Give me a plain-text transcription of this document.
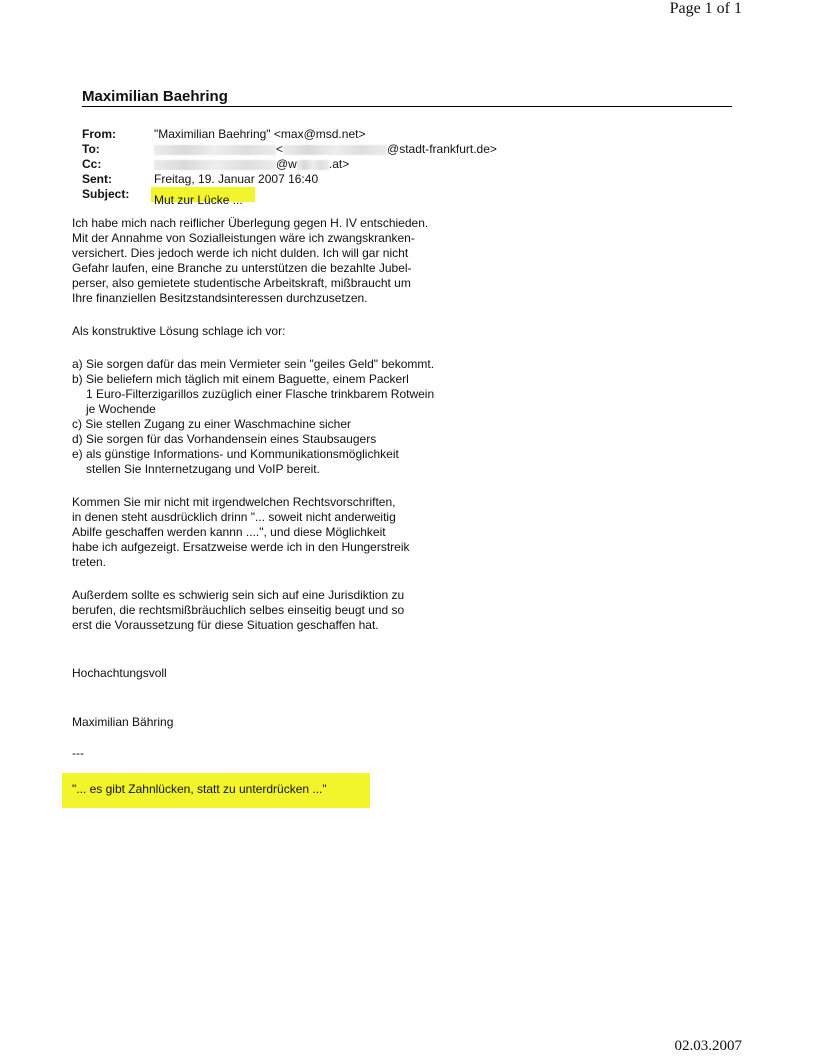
Page 1 of 1
Maximilian Baehring
From:	"Maximilian Baehring" <max@msd.net>
To:	<	@stadt-frankfurt.de>
Cc:	@w	.at>
Sent:	Freitag, 19. Januar 2007 16:40
Subject:	Mut zur Lücke ...
Ich habe mich nach reiflicher Überlegung gegen H. IV entschieden.
Mit der Annahme von Sozialleistungen wäre ich zwangskranken-
versichert. Dies jedoch werde ich nicht dulden. Ich will gar nicht
Gefahr laufen, eine Branche zu unterstützen die bezahlte Jubel-
perser, also gemietete studentische Arbeitskraft, mißbraucht um
Ihre finanziellen Besitzstandsinteressen durchzusetzen.
Als konstruktive Lösung schlage ich vor:
a) Sie sorgen dafür das mein Vermieter sein "geiles Geld" bekommt.
b) Sie beliefern mich täglich mit einem Baguette, einem Packerl
1 Euro-Filterzigarillos zuzüglich einer Flasche trinkbarem Rotwein
je Wochende
c) Sie stellen Zugang zu einer Waschmachine sicher
d) Sie sorgen für das Vorhandensein eines Staubsaugers
e) als günstige Informations- und Kommunikationsmöglichkeit
stellen Sie Innternetzugang und VoIP bereit.
Kommen Sie mir nicht mit irgendwelchen Rechtsvorschriften,
in denen steht ausdrücklich drinn "... soweit nicht anderweitig
Abilfe geschaffen werden kannn ....", und diese Möglichkeit
habe ich aufgezeigt. Ersatzweise werde ich in den Hungerstreik
treten.
Außerdem sollte es schwierig sein sich auf eine Jurisdiktion zu
berufen, die rechtsmißbräuchlich selbes einseitig beugt und so
erst die Voraussetzung für diese Situation geschaffen hat.
Hochachtungsvoll
Maximilian Bähring
---
"... es gibt Zahnlücken, statt zu unterdrücken ..."
02.03.2007
